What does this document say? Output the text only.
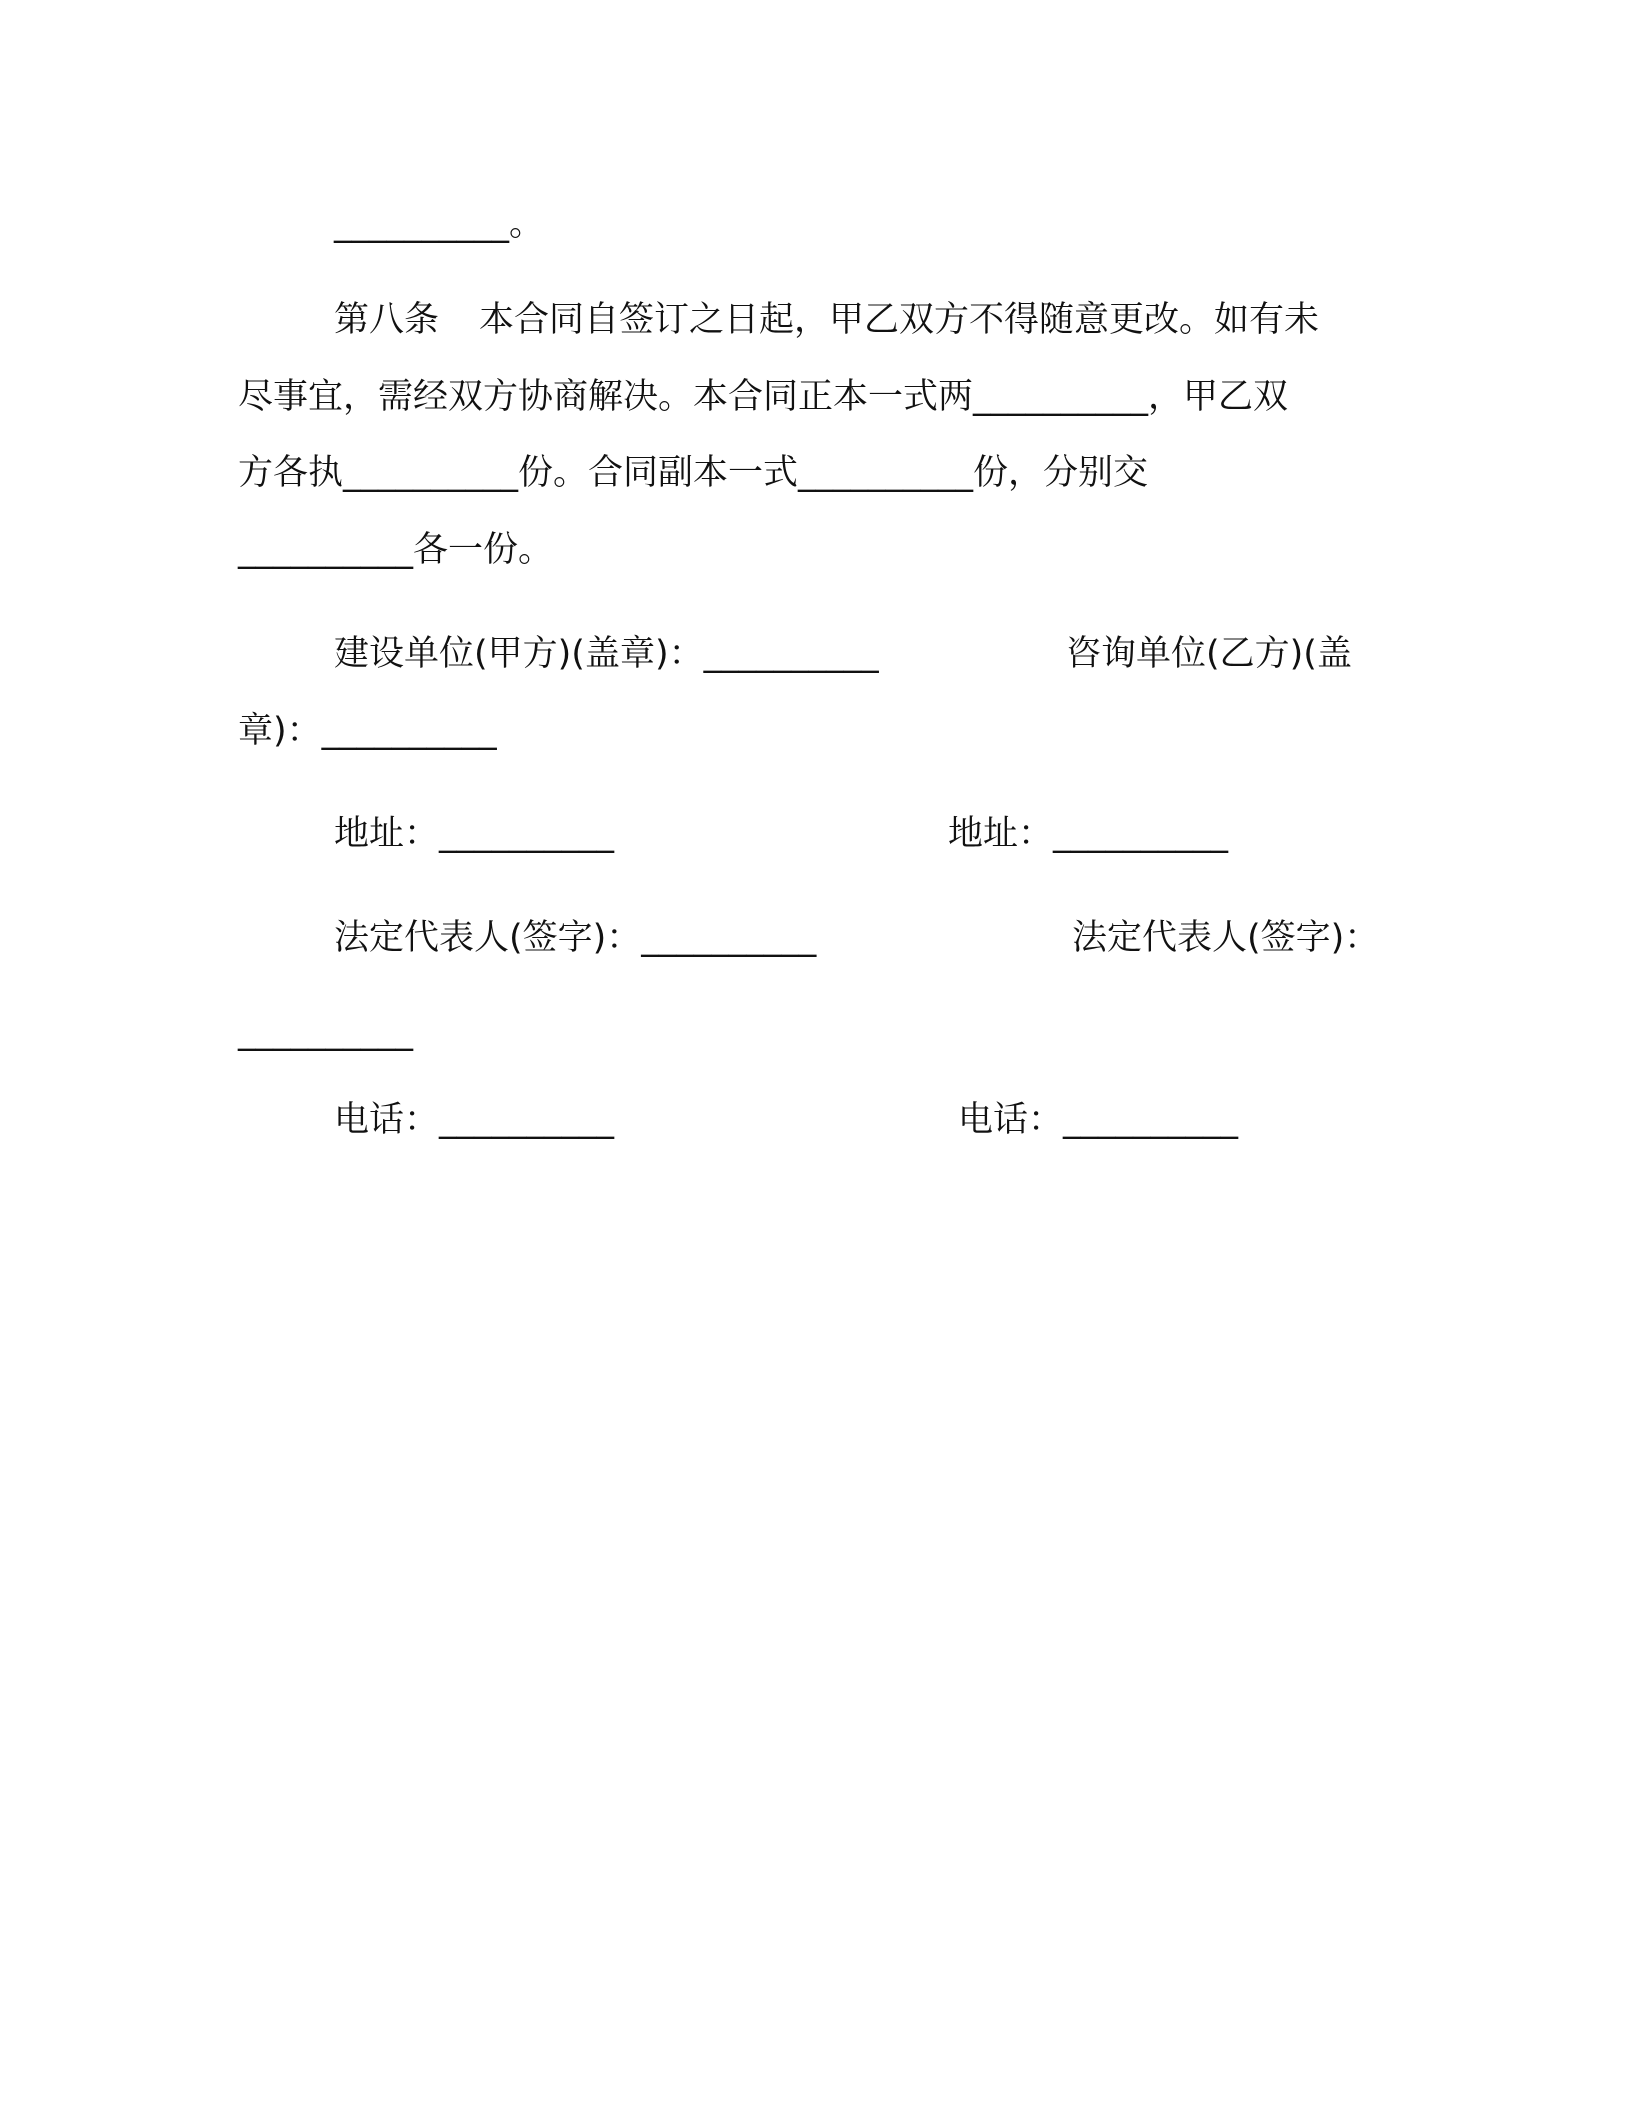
__________。
第八条 本合同自签订之日起，甲乙双方不得随意更改。如有未
尽事宜，需经双方协商解决。本合同正本一式两__________，甲乙双
方各执__________份。合同副本一式__________份，分别交
__________各一份。
建设单位(甲方)(盖章)：__________	咨询单位(乙方)(盖
章)：__________
地址：__________	地址：__________
法定代表人(签字)：__________	法定代表人(签字)：
__________
电话：__________	电话：__________
